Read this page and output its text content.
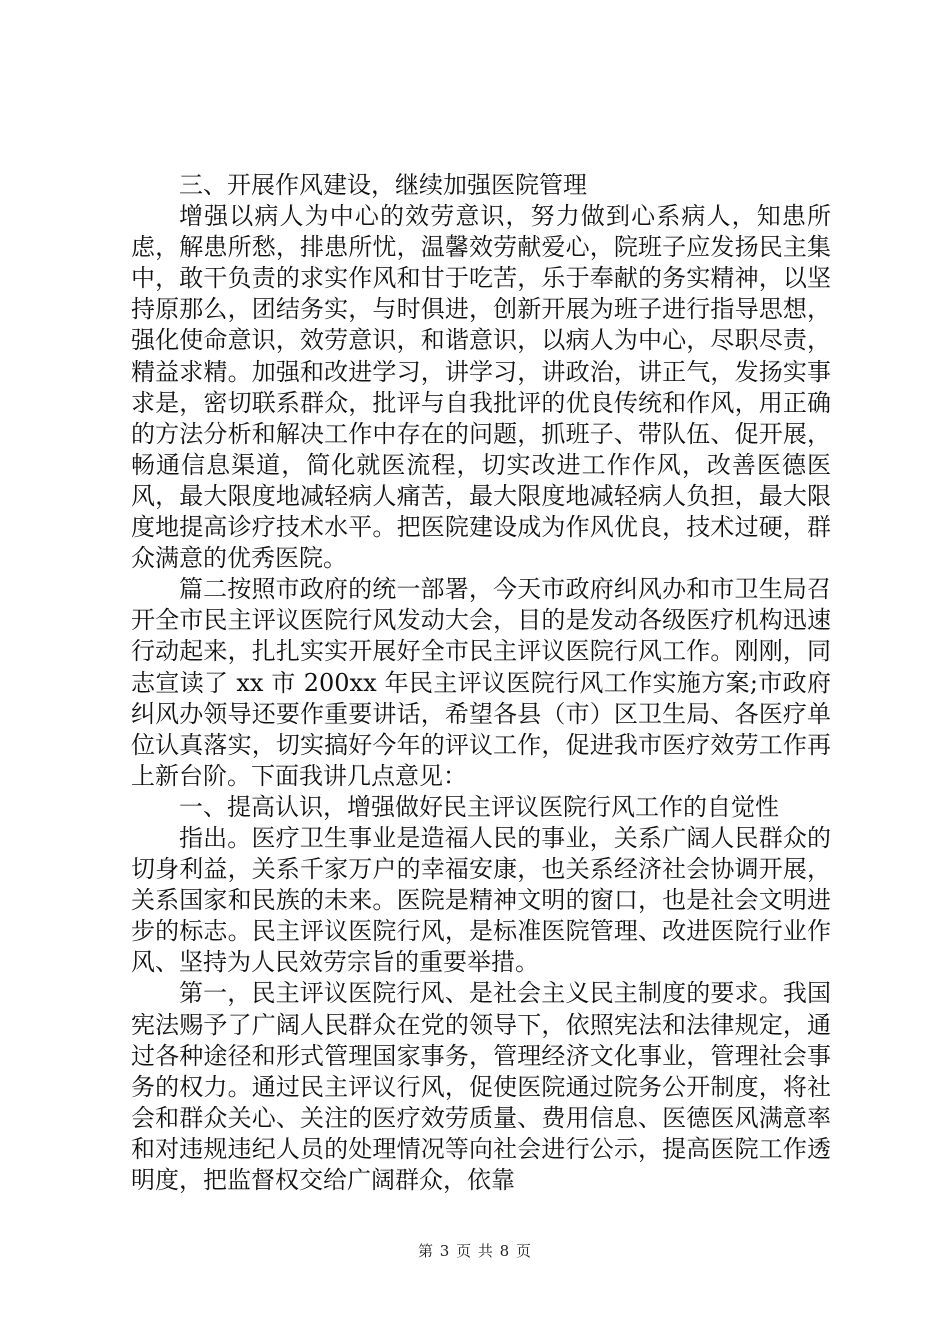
三、开展作风建设，继续加强医院管理

增强以病人为中心的效劳意识，努力做到心系病人，知患所虑，解患所愁，排患所忧，温馨效劳献爱心，院班子应发扬民主集中，敢干负责的求实作风和甘于吃苦，乐于奉献的务实精神，以坚持原那么，团结务实，与时俱进，创新开展为班子进行指导思想，强化使命意识，效劳意识，和谐意识，以病人为中心，尽职尽责，精益求精。加强和改进学习，讲学习，讲政治，讲正气，发扬实事求是，密切联系群众，批评与自我批评的优良传统和作风，用正确的方法分析和解决工作中存在的问题，抓班子、带队伍、促开展，畅通信息渠道，简化就医流程，切实改进工作作风，改善医德医风，最大限度地减轻病人痛苦，最大限度地减轻病人负担，最大限度地提高诊疗技术水平。把医院建设成为作风优良，技术过硬，群众满意的优秀医院。

篇二按照市政府的统一部署，今天市政府纠风办和市卫生局召开全市民主评议医院行风发动大会，目的是发动各级医疗机构迅速行动起来，扎扎实实开展好全市民主评议医院行风工作。刚刚，同志宣读了 xx 市 200xx 年民主评议医院行风工作实施方案;市政府纠风办领导还要作重要讲话，希望各县（市）区卫生局、各医疗单位认真落实，切实搞好今年的评议工作，促进我市医疗效劳工作再上新台阶。下面我讲几点意见：

一、提高认识，增强做好民主评议医院行风工作的自觉性

指出。医疗卫生事业是造福人民的事业，关系广阔人民群众的切身利益，关系千家万户的幸福安康，也关系经济社会协调开展，关系国家和民族的未来。医院是精神文明的窗口，也是社会文明进步的标志。民主评议医院行风，是标准医院管理、改进医院行业作风、坚持为人民效劳宗旨的重要举措。

第一，民主评议医院行风、是社会主义民主制度的要求。我国宪法赐予了广阔人民群众在党的领导下，依照宪法和法律规定，通过各种途径和形式管理国家事务，管理经济文化事业，管理社会事务的权力。通过民主评议行风，促使医院通过院务公开制度，将社会和群众关心、关注的医疗效劳质量、费用信息、医德医风满意率和对违规违纪人员的处理情况等向社会进行公示，提高医院工作透明度，把监督权交给广阔群众，依靠

第 3 页 共 8 页
